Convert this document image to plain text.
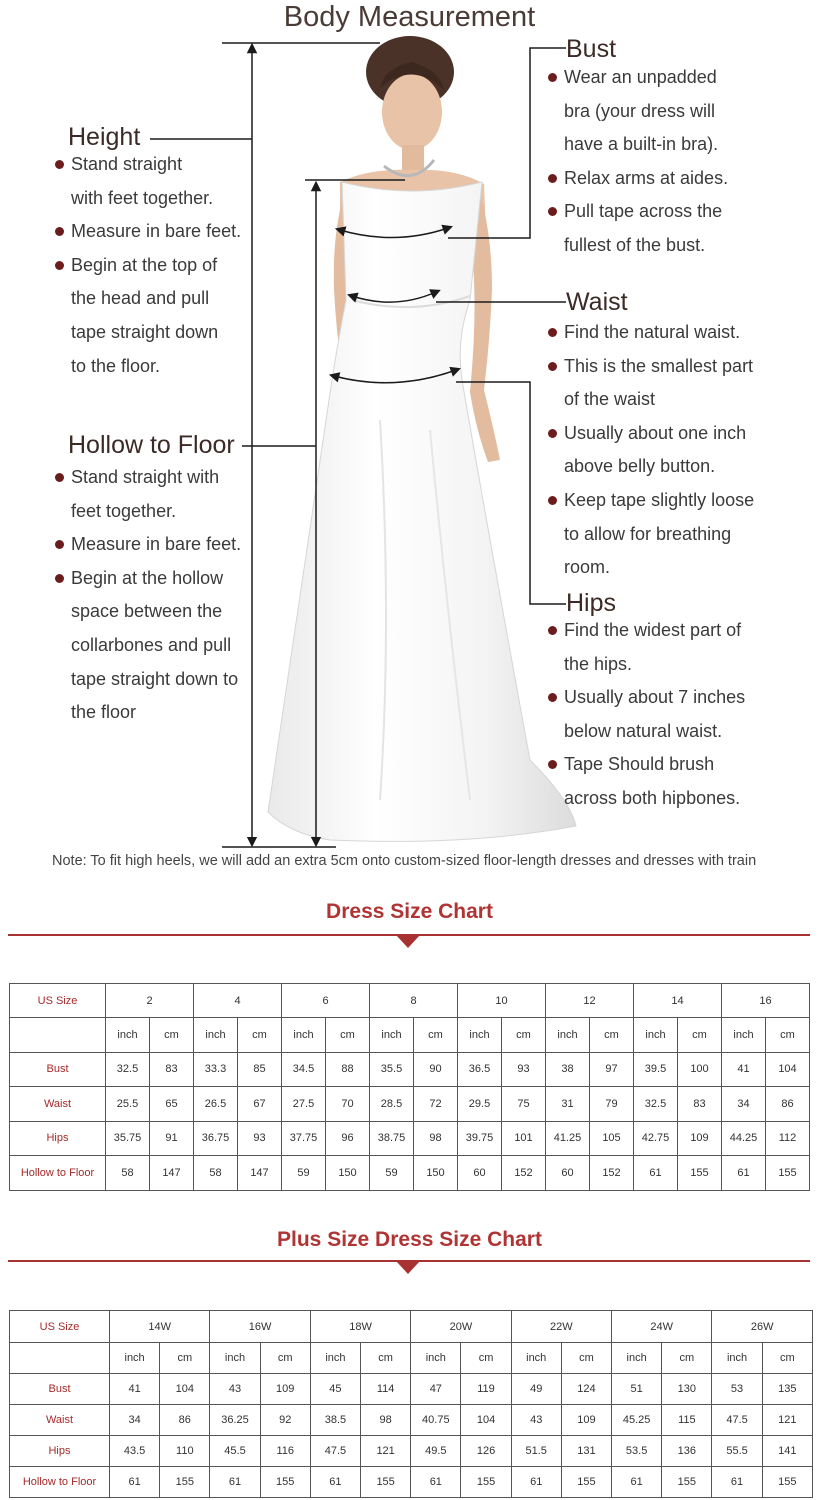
Body Measurement
Height
Stand straight
with feet together.
Measure in bare feet.
Begin at the top of
the head and pull
tape straight down
to the floor.
Hollow to Floor
Stand straight with
feet together.
Measure in bare feet.
Begin at the hollow
space between the
collarbones and pull
tape straight down to
the floor
Bust
Wear an unpadded
bra (your dress will
have a built-in bra).
Relax arms at aides.
Pull tape across the
fullest of the bust.
Waist
Find the natural waist.
This is the smallest part
of the waist
Usually about one inch
above belly button.
Keep tape slightly loose
to allow for breathing
room.
Hips
Find the widest part of
the hips.
Usually about 7 inches
below natural waist.
Tape Should brush
across both hipbones.
Note: To fit high heels, we will add an extra 5cm onto custom-sized floor-length dresses and dresses with train
Dress Size Chart
US Size	2		4		6		8		10		12		14		16	
	inch	cm	inch	cm	inch	cm	inch	cm	inch	cm	inch	cm	inch	cm	inch	cm
Bust	32.5	83	33.3	85	34.5	88	35.5	90	36.5	93	38	97	39.5	100	41	104
Waist	25.5	65	26.5	67	27.5	70	28.5	72	29.5	75	31	79	32.5	83	34	86
Hips	35.75	91	36.75	93	37.75	96	38.75	98	39.75	101	41.25	105	42.75	109	44.25	112
Hollow to Floor	58	147	58	147	59	150	59	150	60	152	60	152	61	155	61	155
Plus Size Dress Size Chart
US Size	14W		16W		18W		20W		22W		24W		26W	
	inch	cm	inch	cm	inch	cm	inch	cm	inch	cm	inch	cm	inch	cm
Bust	41	104	43	109	45	114	47	119	49	124	51	130	53	135
Waist	34	86	36.25	92	38.5	98	40.75	104	43	109	45.25	115	47.5	121
Hips	43.5	110	45.5	116	47.5	121	49.5	126	51.5	131	53.5	136	55.5	141
Hollow to Floor	61	155	61	155	61	155	61	155	61	155	61	155	61	155
